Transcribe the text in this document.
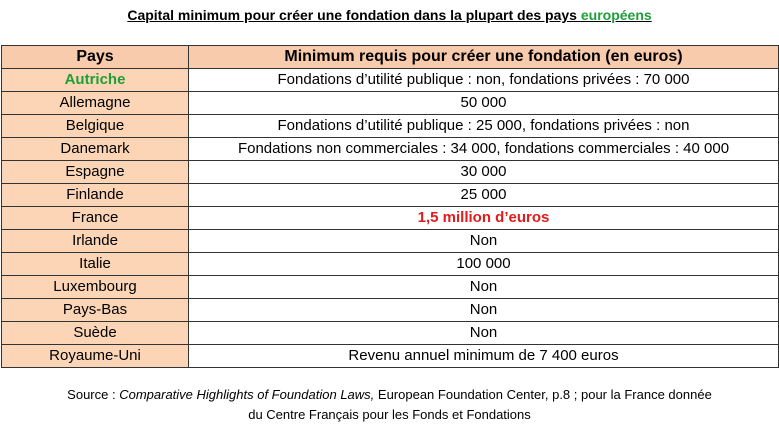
Capital minimum pour créer une fondation dans la plupart des pays européens
Pays	Minimum requis pour créer une fondation (en euros)
Autriche	Fondations d’utilité publique : non, fondations privées : 70 000
Allemagne	50 000
Belgique	Fondations d’utilité publique : 25 000, fondations privées : non
Danemark	Fondations non commerciales : 34 000, fondations commerciales : 40 000
Espagne	30 000
Finlande	25 000
France	1,5 million d’euros
Irlande	Non
Italie	100 000
Luxembourg	Non
Pays-Bas	Non
Suède	Non
Royaume-Uni	Revenu annuel minimum de 7 400 euros
Source : Comparative Highlights of Foundation Laws, European Foundation Center, p.8 ; pour la France donnée
du Centre Français pour les Fonds et Fondations
